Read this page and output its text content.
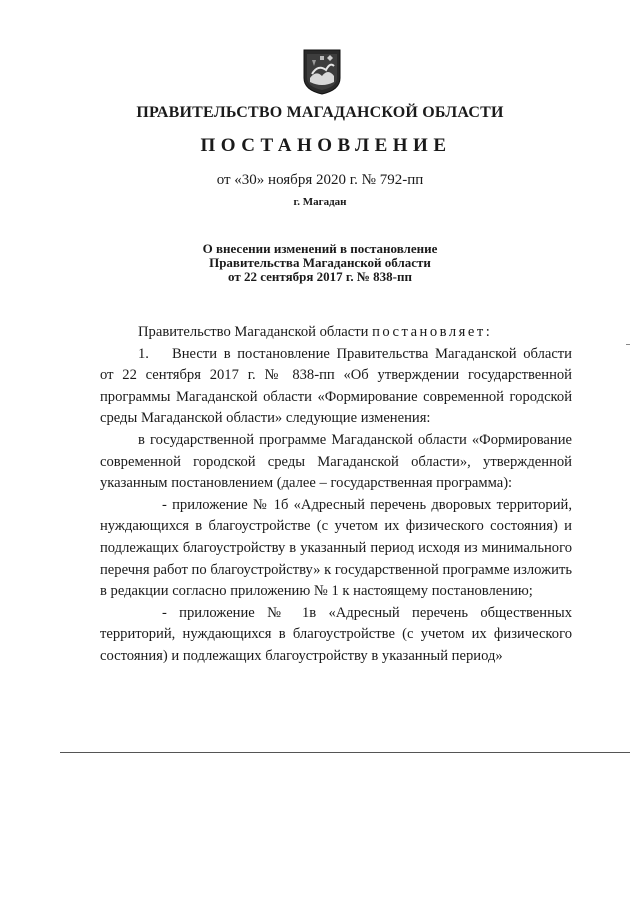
ПРАВИТЕЛЬСТВО МАГАДАНСКОЙ ОБЛАСТИ
ПОСТАНОВЛЕНИЕ
от «30» ноября 2020 г. № 792-пп
г. Магадан
О внесении изменений в постановление
Правительства Магаданской области
от 22 сентября 2017 г. № 838-пп

Правительство Магаданской области постановляет:

1. Внести в постановление Правительства Магаданской области от 22 сентября 2017 г. № 838-пп «Об утверждении государственной программы Магаданской области «Формирование современной городской среды Магаданской области» следующие изменения:

в государственной программе Магаданской области «Формирование современной городской среды Магаданской области», утвержденной указанным постановлением (далее – государственная программа):

- приложение № 1б «Адресный перечень дворовых территорий, нуждающихся в благоустройстве (с учетом их физического состояния) и подлежащих благоустройству в указанный период исходя из минимального перечня работ по благоустройству» к государственной программе изложить в редакции согласно приложению № 1 к настоящему постановлению;

- приложение № 1в «Адресный перечень общественных территорий, нуждающихся в благоустройстве (с учетом их физического состояния) и подлежащих благоустройству в указанный период»
